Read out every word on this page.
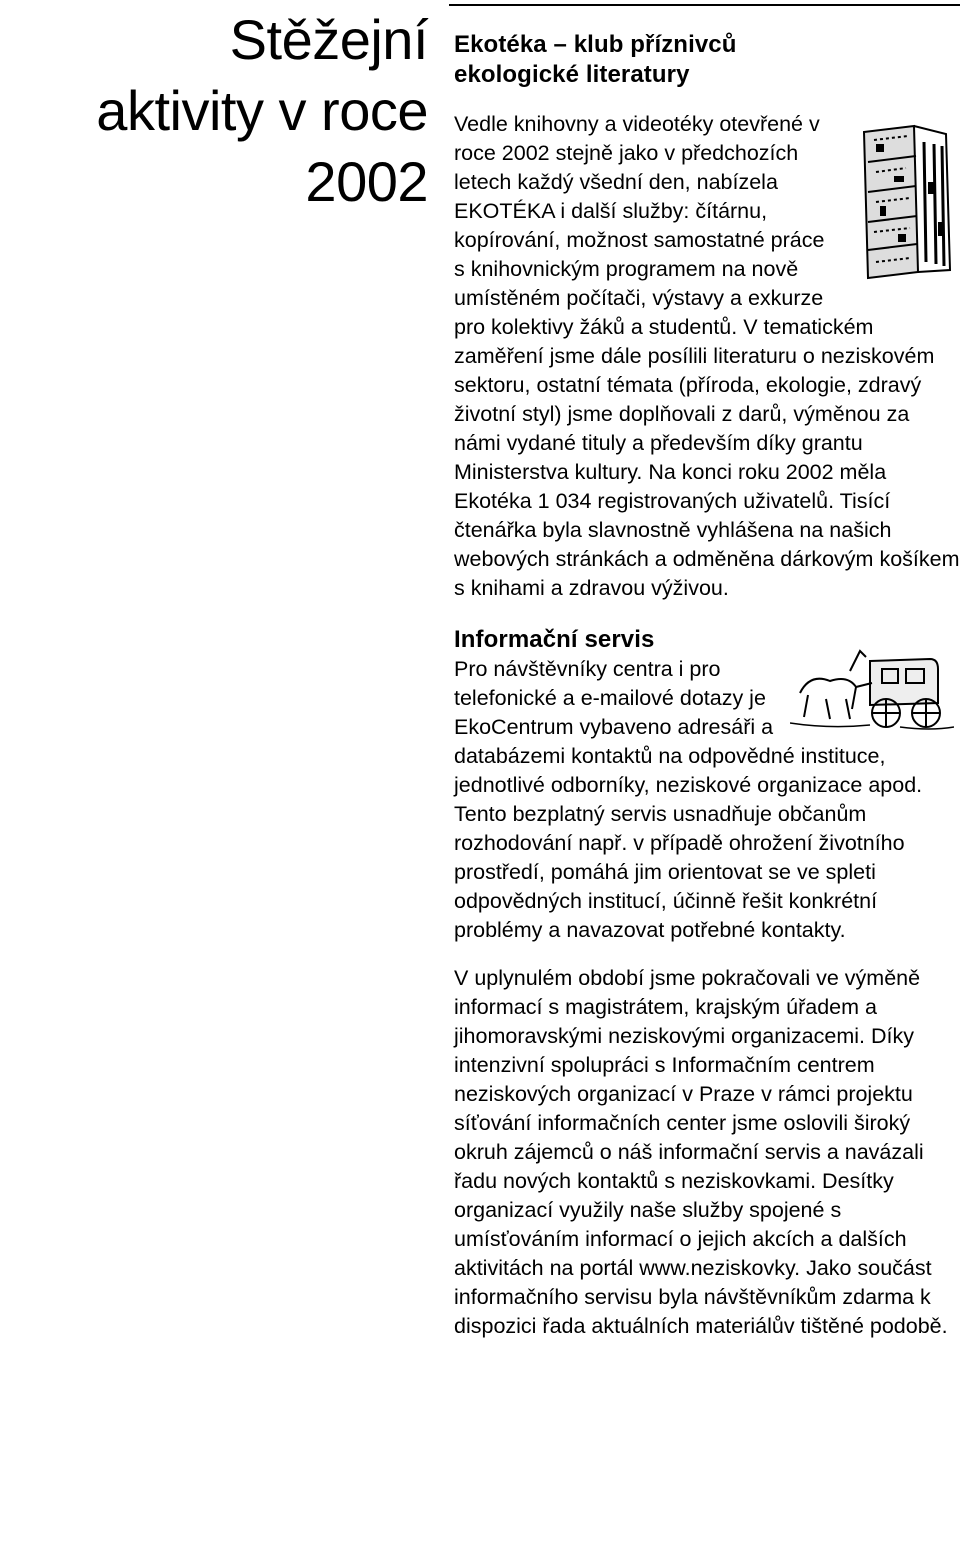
Stěžejní
aktivity v roce
2002
Ekotéka – klub příznivců
ekologické literatury

Vedle knihovny a videotéky otevřené v roce 2002 stejně jako v předchozích letech každý všední den, nabízela EKOTÉKA i další služby: čítárnu, kopírování, možnost samostatné práce s knihovnickým programem na nově umístěném počítači, výstavy a exkurze pro kolektivy žáků a studentů. V tematickém zaměření jsme dále posílili literaturu o neziskovém sektoru, ostatní témata (příroda, ekologie, zdravý životní styl) jsme doplňovali z darů, výměnou za námi vydané tituly a především díky grantu Ministerstva kultury. Na konci roku 2002 měla Ekotéka 1 034 registrovaných uživatelů. Tisící čtenářka byla slavnostně vyhlášena na našich webových stránkách a odměněna dárkovým košíkem s knihami a zdravou výživou.

Informační servis

Pro návštěvníky centra i pro telefonické a e-mailové dotazy je EkoCentrum vybaveno adresáři a databázemi kontaktů na odpovědné instituce, jednotlivé odborníky, neziskové organizace apod. Tento bezplatný servis usnadňuje občanům rozhodování např. v případě ohrožení životního prostředí, pomáhá jim orientovat se ve spleti odpovědných institucí, účinně řešit konkrétní problémy a navazovat potřebné kontakty.

V uplynulém období jsme pokračovali ve výměně informací s magistrátem, krajským úřadem a jihomoravskými neziskovými organizacemi. Díky intenzivní spolupráci s Informačním centrem neziskových organizací v Praze v rámci projektu síťování informačních center jsme oslovili široký okruh zájemců o náš informační servis a navázali řadu nových kontaktů s neziskovkami. Desítky organizací využily naše služby spojené s umísťováním informací o jejich akcích a dalších aktivitách na portál www.neziskovky. Jako součást informačního servisu byla návštěvníkům zdarma k dispozici řada aktuálních materiálův tištěné podobě.
